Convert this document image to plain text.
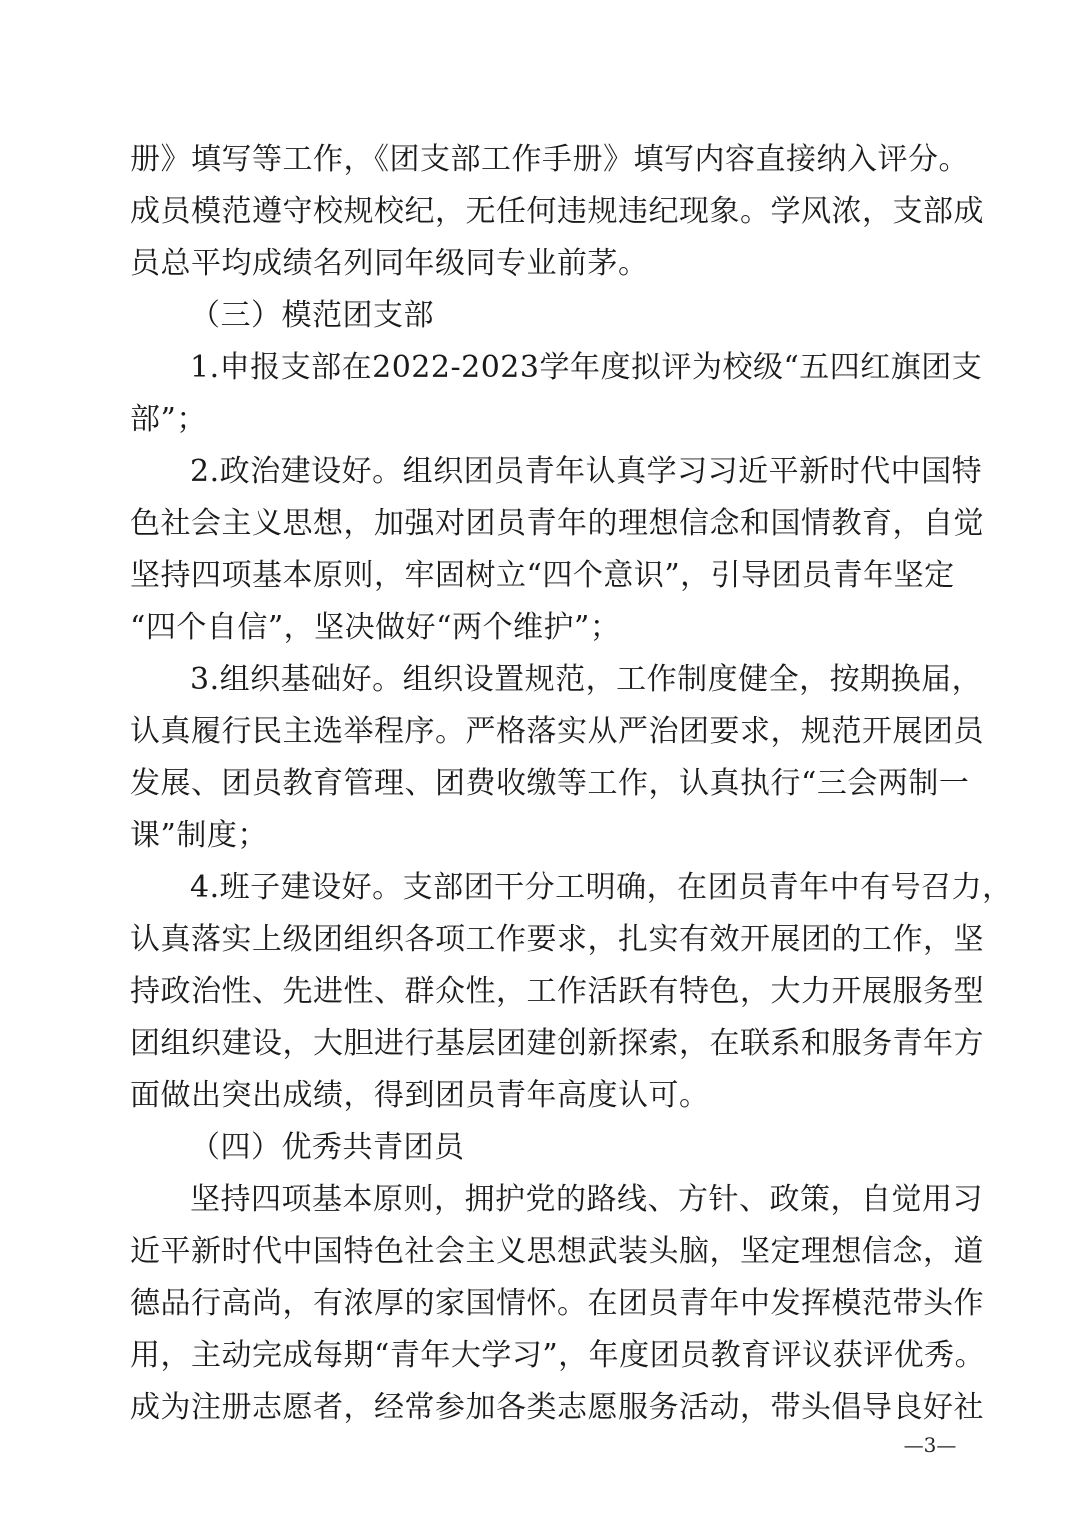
册》填写等工作，《团支部工作手册》填写内容直接纳入评分。
成员模范遵守校规校纪，无任何违规违纪现象。学风浓，支部成
员总平均成绩名列同年级同专业前茅。
（三）模范团支部
1.申报支部在2022-2023学年度拟评为校级“五四红旗团支
部”；
2.政治建设好。组织团员青年认真学习习近平新时代中国特
色社会主义思想，加强对团员青年的理想信念和国情教育，自觉
坚持四项基本原则，牢固树立“四个意识”，引导团员青年坚定
“四个自信”，坚决做好“两个维护”；
3.组织基础好。组织设置规范，工作制度健全，按期换届，
认真履行民主选举程序。严格落实从严治团要求，规范开展团员
发展、团员教育管理、团费收缴等工作，认真执行“三会两制一
课”制度；
4.班子建设好。支部团干分工明确，在团员青年中有号召力，
认真落实上级团组织各项工作要求，扎实有效开展团的工作，坚
持政治性、先进性、群众性，工作活跃有特色，大力开展服务型
团组织建设，大胆进行基层团建创新探索，在联系和服务青年方
面做出突出成绩，得到团员青年高度认可。
（四）优秀共青团员
坚持四项基本原则，拥护党的路线、方针、政策，自觉用习
近平新时代中国特色社会主义思想武装头脑，坚定理想信念，道
德品行高尚，有浓厚的家国情怀。在团员青年中发挥模范带头作
用，主动完成每期“青年大学习”，年度团员教育评议获评优秀。
成为注册志愿者，经常参加各类志愿服务活动，带头倡导良好社
—3—
